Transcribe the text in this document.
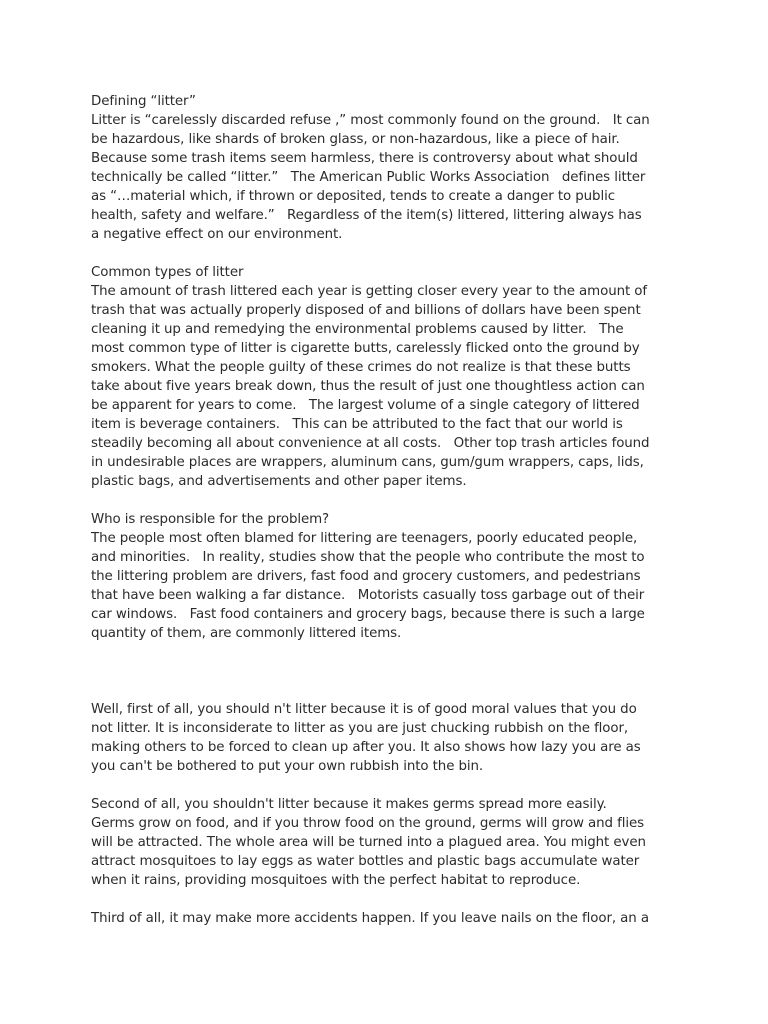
Defining “litter”
Litter is “carelessly discarded refuse ,” most commonly found on the ground.   It can
be hazardous, like shards of broken glass, or non-hazardous, like a piece of hair.
Because some trash items seem harmless, there is controversy about what should
technically be called “litter.”   The American Public Works Association   defines litter
as “…material which, if thrown or deposited, tends to create a danger to public
health, safety and welfare.”   Regardless of the item(s) littered, littering always has
a negative effect on our environment.
Common types of litter
The amount of trash littered each year is getting closer every year to the amount of
trash that was actually properly disposed of and billions of dollars have been spent
cleaning it up and remedying the environmental problems caused by litter.   The
most common type of litter is cigarette butts, carelessly flicked onto the ground by
smokers. What the people guilty of these crimes do not realize is that these butts
take about five years break down, thus the result of just one thoughtless action can
be apparent for years to come.   The largest volume of a single category of littered
item is beverage containers.   This can be attributed to the fact that our world is
steadily becoming all about convenience at all costs.   Other top trash articles found
in undesirable places are wrappers, aluminum cans, gum/gum wrappers, caps, lids,
plastic bags, and advertisements and other paper items.
Who is responsible for the problem?
The people most often blamed for littering are teenagers, poorly educated people,
and minorities.   In reality, studies show that the people who contribute the most to
the littering problem are drivers, fast food and grocery customers, and pedestrians
that have been walking a far distance.   Motorists casually toss garbage out of their
car windows.   Fast food containers and grocery bags, because there is such a large
quantity of them, are commonly littered items.
Well, first of all, you should n't litter because it is of good moral values that you do
not litter. It is inconsiderate to litter as you are just chucking rubbish on the floor,
making others to be forced to clean up after you. It also shows how lazy you are as
you can't be bothered to put your own rubbish into the bin.
Second of all, you shouldn't litter because it makes germs spread more easily.
Germs grow on food, and if you throw food on the ground, germs will grow and flies
will be attracted. The whole area will be turned into a plagued area. You might even
attract mosquitoes to lay eggs as water bottles and plastic bags accumulate water
when it rains, providing mosquitoes with the perfect habitat to reproduce.
Third of all, it may make more accidents happen. If you leave nails on the floor, an a
